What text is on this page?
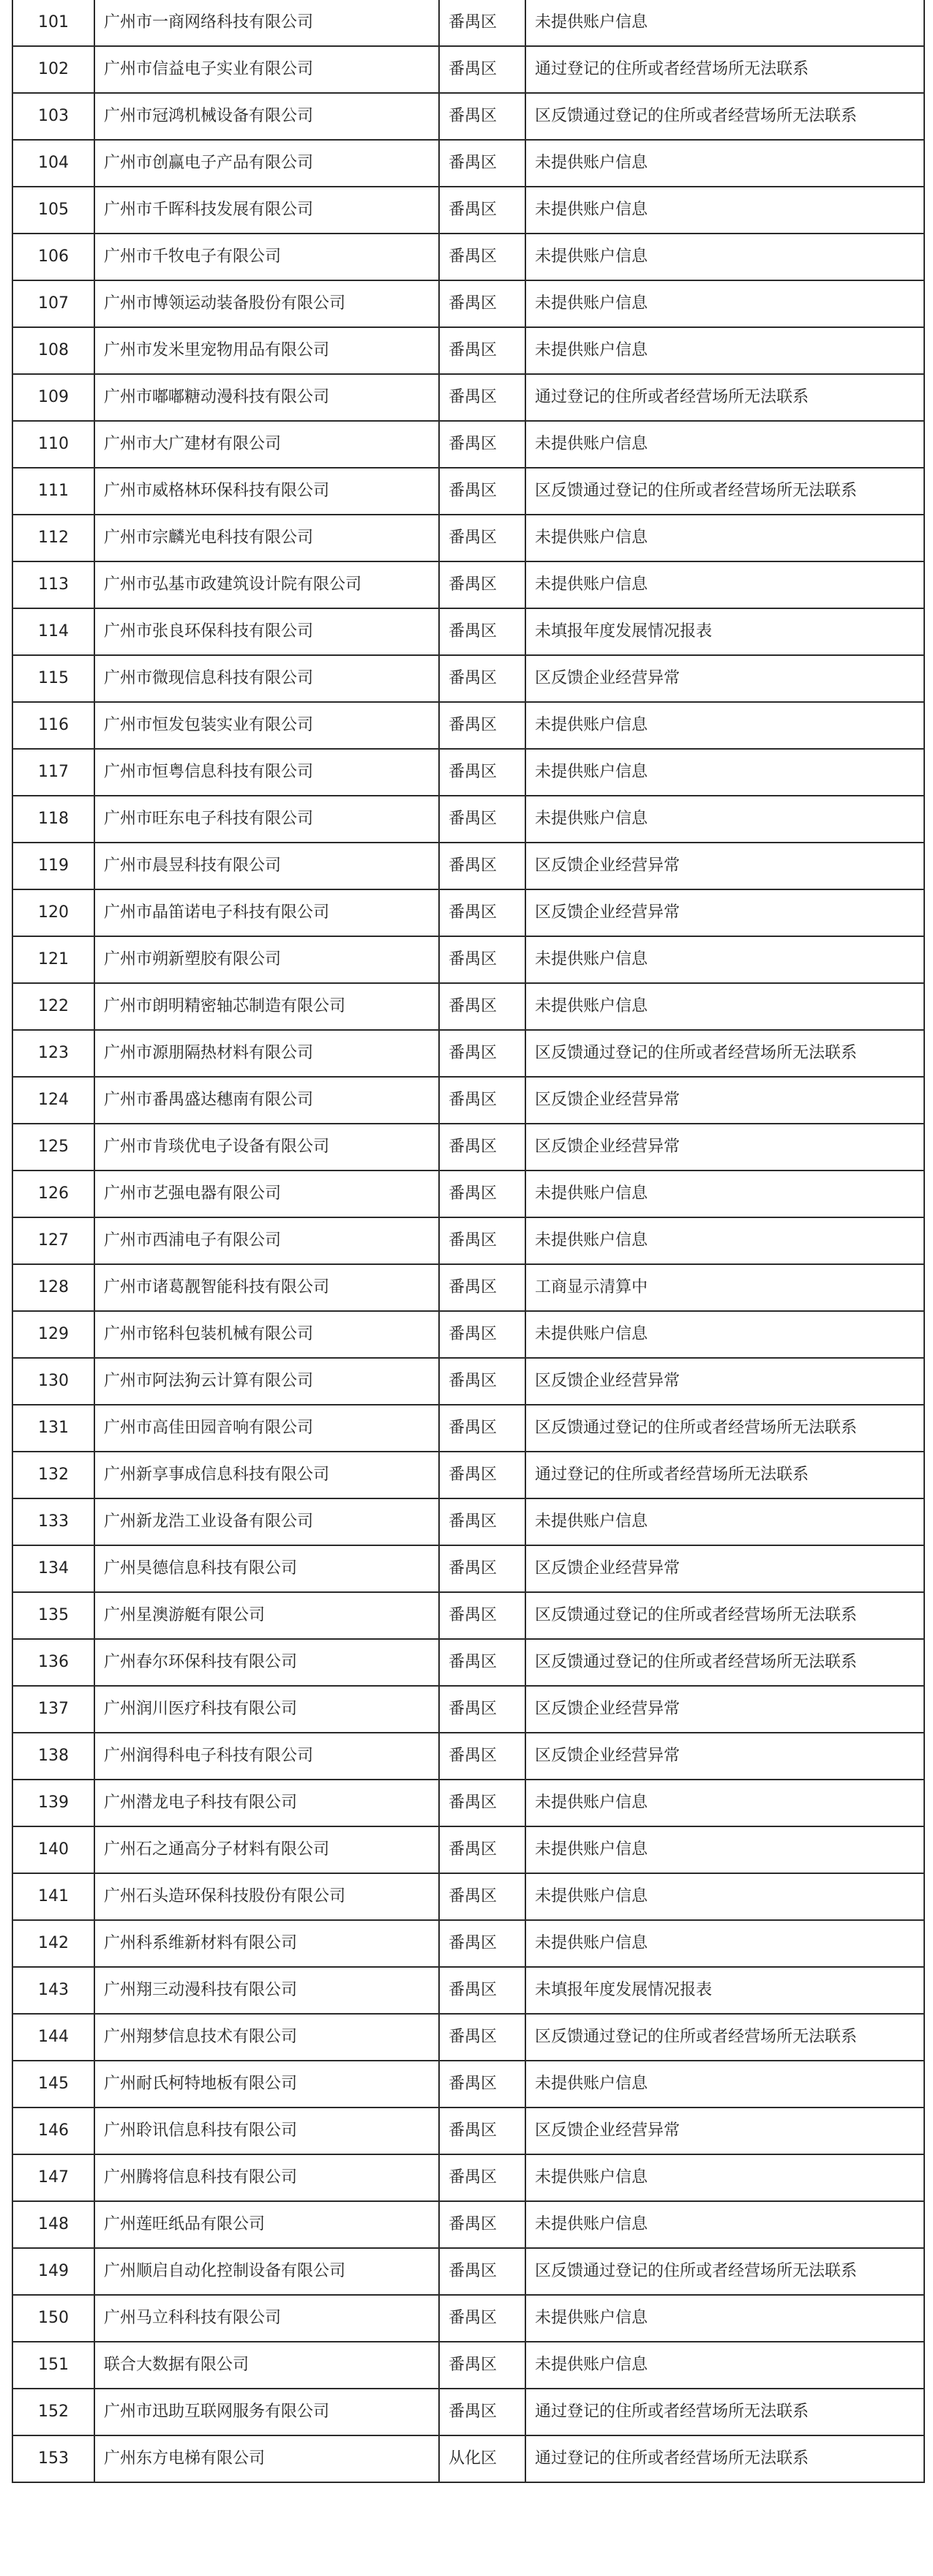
101	广州市一商网络科技有限公司	番禺区	未提供账户信息
102	广州市信益电子实业有限公司	番禺区	通过登记的住所或者经营场所无法联系
103	广州市冠鸿机械设备有限公司	番禺区	区反馈通过登记的住所或者经营场所无法联系
104	广州市创赢电子产品有限公司	番禺区	未提供账户信息
105	广州市千晖科技发展有限公司	番禺区	未提供账户信息
106	广州市千牧电子有限公司	番禺区	未提供账户信息
107	广州市博领运动装备股份有限公司	番禺区	未提供账户信息
108	广州市发米里宠物用品有限公司	番禺区	未提供账户信息
109	广州市嘟嘟糖动漫科技有限公司	番禺区	通过登记的住所或者经营场所无法联系
110	广州市大广建材有限公司	番禺区	未提供账户信息
111	广州市威格林环保科技有限公司	番禺区	区反馈通过登记的住所或者经营场所无法联系
112	广州市宗麟光电科技有限公司	番禺区	未提供账户信息
113	广州市弘基市政建筑设计院有限公司	番禺区	未提供账户信息
114	广州市张良环保科技有限公司	番禺区	未填报年度发展情况报表
115	广州市微现信息科技有限公司	番禺区	区反馈企业经营异常
116	广州市恒发包装实业有限公司	番禺区	未提供账户信息
117	广州市恒粤信息科技有限公司	番禺区	未提供账户信息
118	广州市旺东电子科技有限公司	番禺区	未提供账户信息
119	广州市晨昱科技有限公司	番禺区	区反馈企业经营异常
120	广州市晶笛诺电子科技有限公司	番禺区	区反馈企业经营异常
121	广州市朔新塑胶有限公司	番禺区	未提供账户信息
122	广州市朗明精密轴芯制造有限公司	番禺区	未提供账户信息
123	广州市源朋隔热材料有限公司	番禺区	区反馈通过登记的住所或者经营场所无法联系
124	广州市番禺盛达穗南有限公司	番禺区	区反馈企业经营异常
125	广州市肯琰优电子设备有限公司	番禺区	区反馈企业经营异常
126	广州市艺强电器有限公司	番禺区	未提供账户信息
127	广州市西浦电子有限公司	番禺区	未提供账户信息
128	广州市诸葛靓智能科技有限公司	番禺区	工商显示清算中
129	广州市铭科包装机械有限公司	番禺区	未提供账户信息
130	广州市阿法狗云计算有限公司	番禺区	区反馈企业经营异常
131	广州市高佳田园音响有限公司	番禺区	区反馈通过登记的住所或者经营场所无法联系
132	广州新享事成信息科技有限公司	番禺区	通过登记的住所或者经营场所无法联系
133	广州新龙浩工业设备有限公司	番禺区	未提供账户信息
134	广州昊德信息科技有限公司	番禺区	区反馈企业经营异常
135	广州星澳游艇有限公司	番禺区	区反馈通过登记的住所或者经营场所无法联系
136	广州春尔环保科技有限公司	番禺区	区反馈通过登记的住所或者经营场所无法联系
137	广州润川医疗科技有限公司	番禺区	区反馈企业经营异常
138	广州润得科电子科技有限公司	番禺区	区反馈企业经营异常
139	广州潜龙电子科技有限公司	番禺区	未提供账户信息
140	广州石之通高分子材料有限公司	番禺区	未提供账户信息
141	广州石头造环保科技股份有限公司	番禺区	未提供账户信息
142	广州科系维新材料有限公司	番禺区	未提供账户信息
143	广州翔三动漫科技有限公司	番禺区	未填报年度发展情况报表
144	广州翔梦信息技术有限公司	番禺区	区反馈通过登记的住所或者经营场所无法联系
145	广州耐氏柯特地板有限公司	番禺区	未提供账户信息
146	广州聆讯信息科技有限公司	番禺区	区反馈企业经营异常
147	广州腾将信息科技有限公司	番禺区	未提供账户信息
148	广州莲旺纸品有限公司	番禺区	未提供账户信息
149	广州顺启自动化控制设备有限公司	番禺区	区反馈通过登记的住所或者经营场所无法联系
150	广州马立科科技有限公司	番禺区	未提供账户信息
151	联合大数据有限公司	番禺区	未提供账户信息
152	广州市迅助互联网服务有限公司	番禺区	通过登记的住所或者经营场所无法联系
153	广州东方电梯有限公司	从化区	通过登记的住所或者经营场所无法联系
